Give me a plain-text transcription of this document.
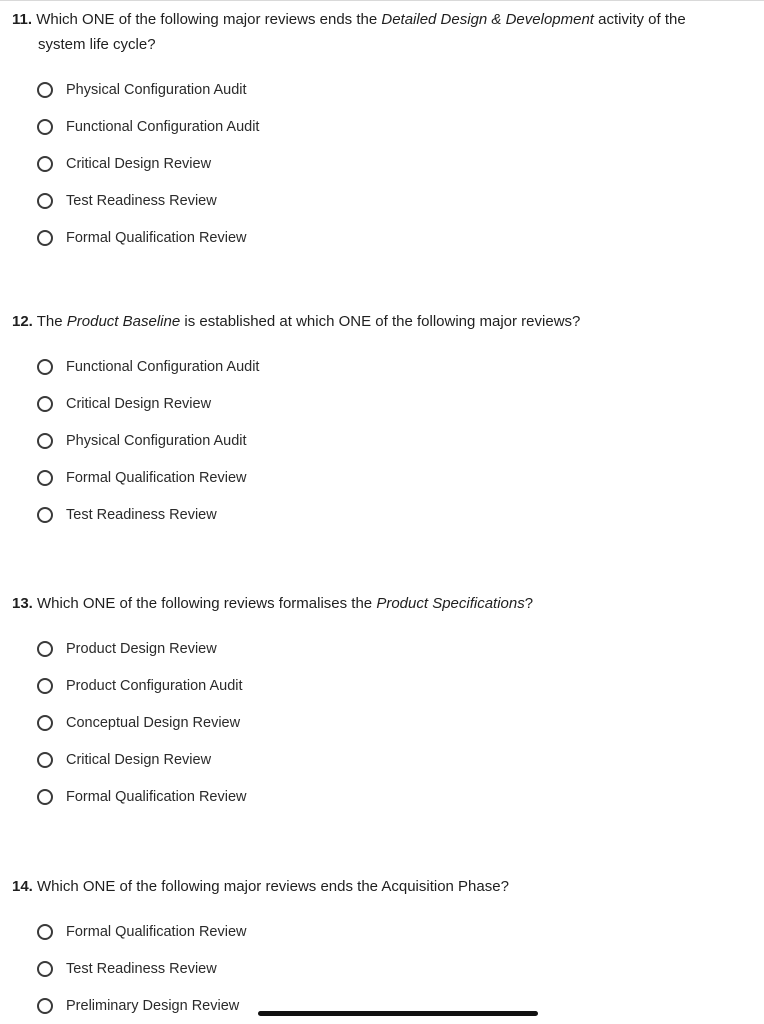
11. Which ONE of the following major reviews ends the Detailed Design & Development activity of the
system life cycle?
Physical Configuration Audit
Functional Configuration Audit
Critical Design Review
Test Readiness Review
Formal Qualification Review
12. The Product Baseline is established at which ONE of the following major reviews?
Functional Configuration Audit
Critical Design Review
Physical Configuration Audit
Formal Qualification Review
Test Readiness Review
13. Which ONE of the following reviews formalises the Product Specifications?
Product Design Review
Product Configuration Audit
Conceptual Design Review
Critical Design Review
Formal Qualification Review
14. Which ONE of the following major reviews ends the Acquisition Phase?
Formal Qualification Review
Test Readiness Review
Preliminary Design Review
